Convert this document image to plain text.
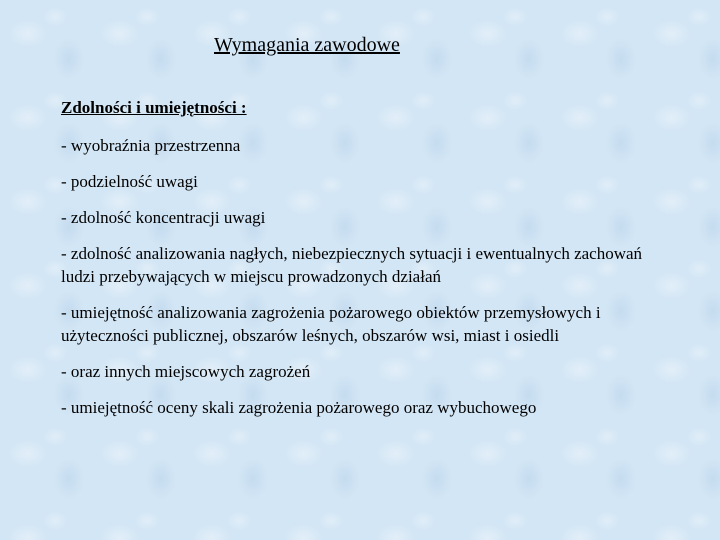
Wymagania zawodowe

Zdolności i umiejętności :

- wyobraźnia przestrzenna

- podzielność uwagi

- zdolność koncentracji uwagi

- zdolność analizowania nagłych, niebezpiecznych sytuacji i ewentualnych zachowań ludzi przebywających w miejscu prowadzonych działań

- umiejętność analizowania zagrożenia pożarowego obiektów przemysłowych i użyteczności publicznej, obszarów leśnych, obszarów wsi, miast i osiedli

- oraz innych miejscowych zagrożeń

- umiejętność oceny skali zagrożenia pożarowego oraz wybuchowego
